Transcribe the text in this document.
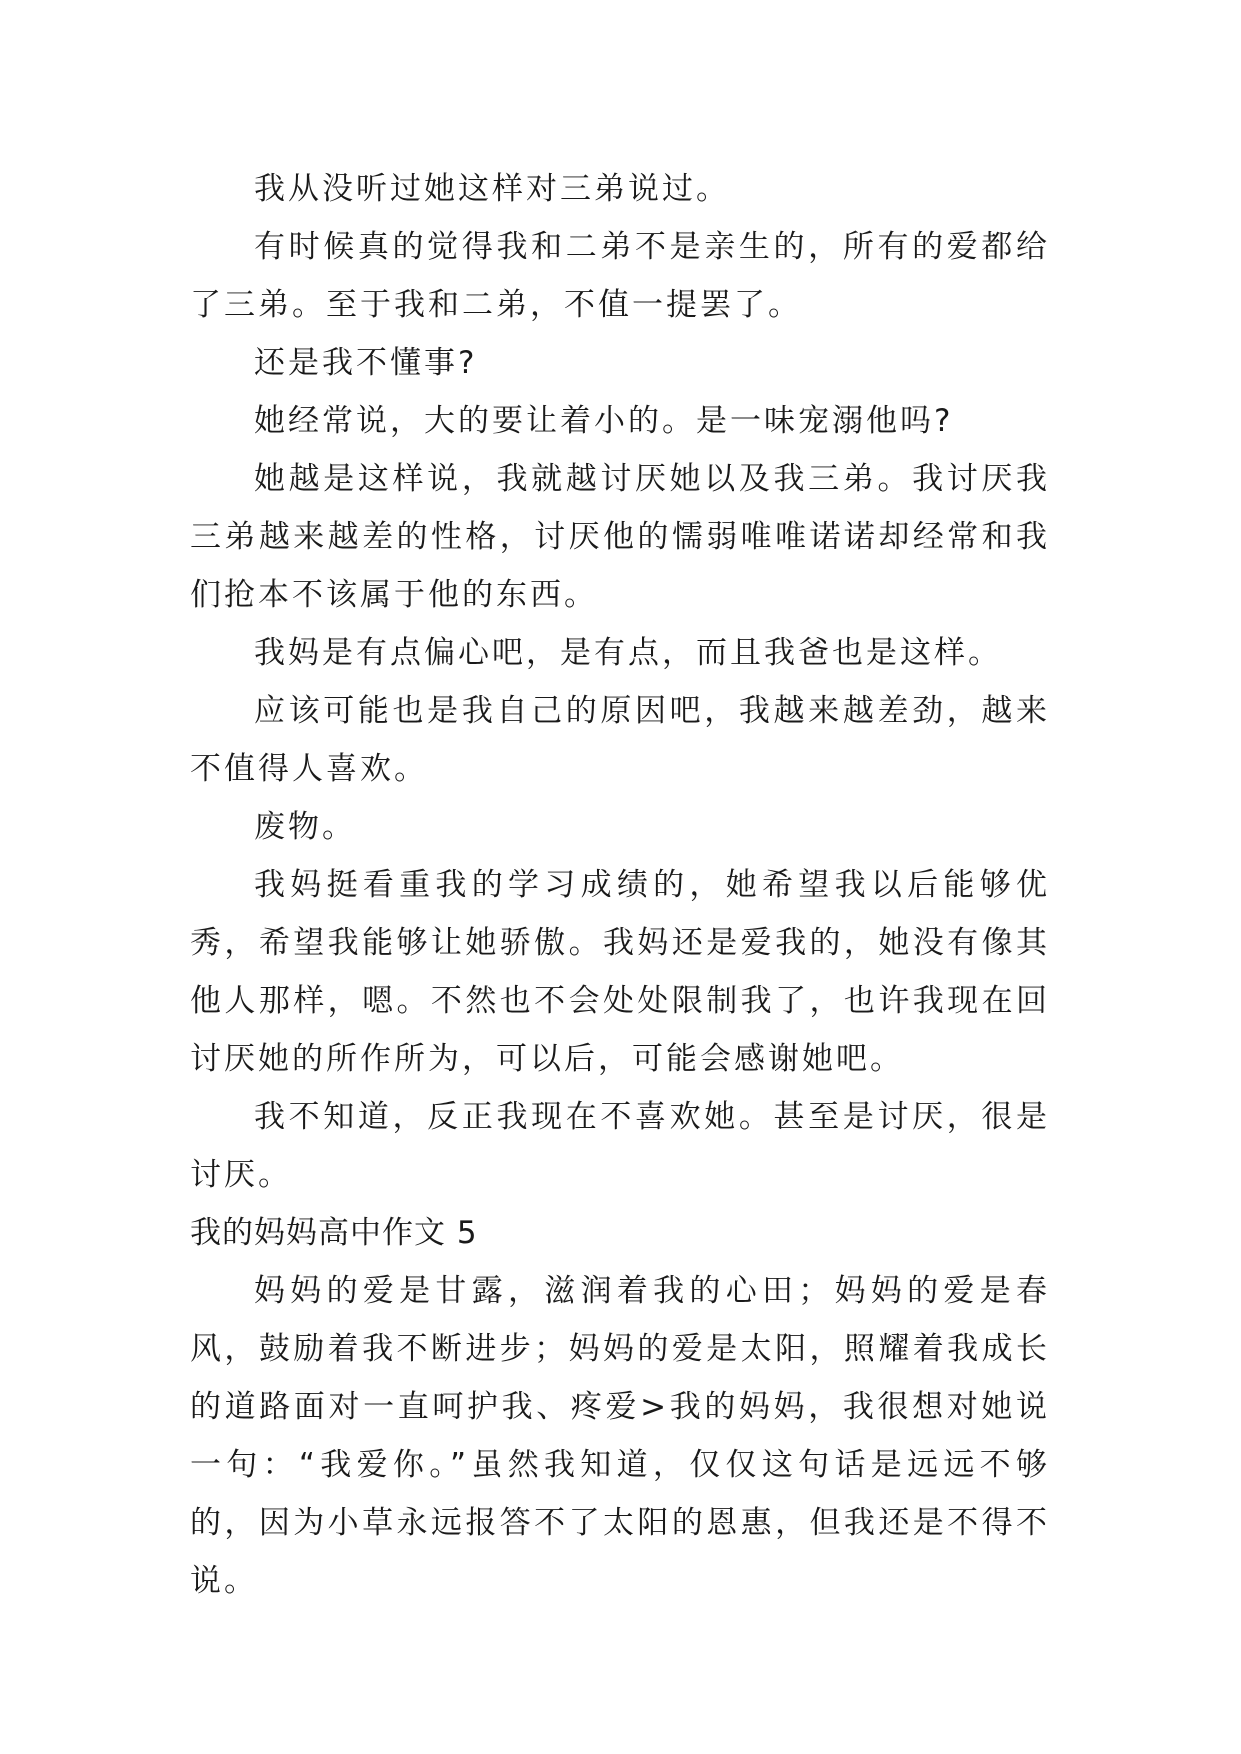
我从没听过她这样对三弟说过。

有时候真的觉得我和二弟不是亲生的，所有的爱都给了三弟。至于我和二弟，不值一提罢了。

还是我不懂事?

她经常说，大的要让着小的。是一味宠溺他吗?

她越是这样说，我就越讨厌她以及我三弟。我讨厌我三弟越来越差的性格，讨厌他的懦弱唯唯诺诺却经常和我们抢本不该属于他的东西。

我妈是有点偏心吧，是有点，而且我爸也是这样。

应该可能也是我自己的原因吧，我越来越差劲，越来不值得人喜欢。

废物。

我妈挺看重我的学习成绩的，她希望我以后能够优秀，希望我能够让她骄傲。我妈还是爱我的，她没有像其他人那样，嗯。不然也不会处处限制我了，也许我现在回讨厌她的所作所为，可以后，可能会感谢她吧。

我不知道，反正我现在不喜欢她。甚至是讨厌，很是讨厌。

我的妈妈高中作文 5

妈妈的爱是甘露，滋润着我的心田；妈妈的爱是春风，鼓励着我不断进步；妈妈的爱是太阳，照耀着我成长的道路面对一直呵护我、疼爱>我的妈妈，我很想对她说一句：“我爱你。”虽然我知道，仅仅这句话是远远不够的，因为小草永远报答不了太阳的恩惠，但我还是不得不说。
